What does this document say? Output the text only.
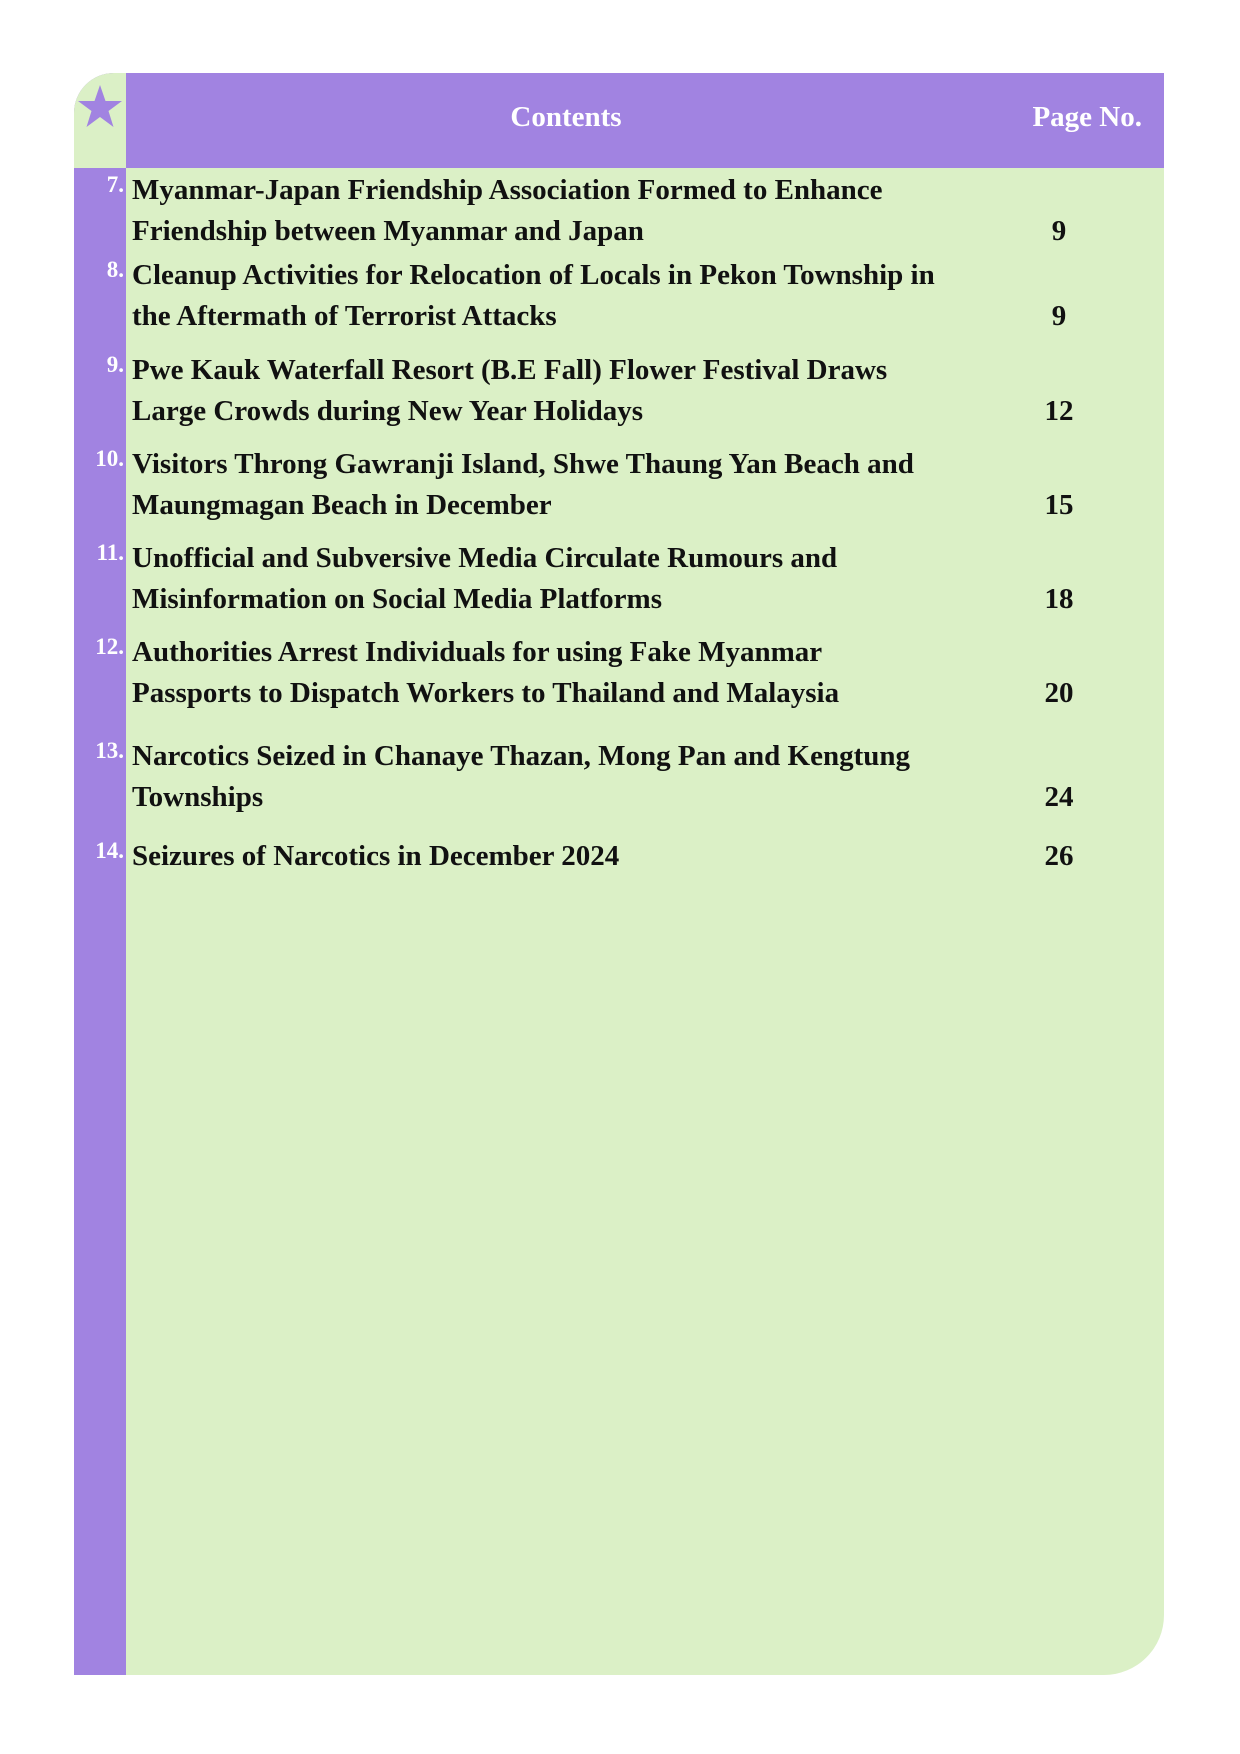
Contents	Page No.
7. Myanmar-Japan Friendship Association Formed to Enhance
Friendship between Myanmar and Japan	9
8. Cleanup Activities for Relocation of Locals in Pekon Township in
the Aftermath of Terrorist Attacks	9
9. Pwe Kauk Waterfall Resort (B.E Fall) Flower Festival Draws
Large Crowds during New Year Holidays	12
10. Visitors Throng Gawranji Island, Shwe Thaung Yan Beach and
Maungmagan Beach in December	15
11. Unofficial and Subversive Media Circulate Rumours and
Misinformation on Social Media Platforms	18
12. Authorities Arrest Individuals for using Fake Myanmar
Passports to Dispatch Workers to Thailand and Malaysia	20
13. Narcotics Seized in Chanaye Thazan, Mong Pan and Kengtung
Townships	24
14. Seizures of Narcotics in December 2024	26
